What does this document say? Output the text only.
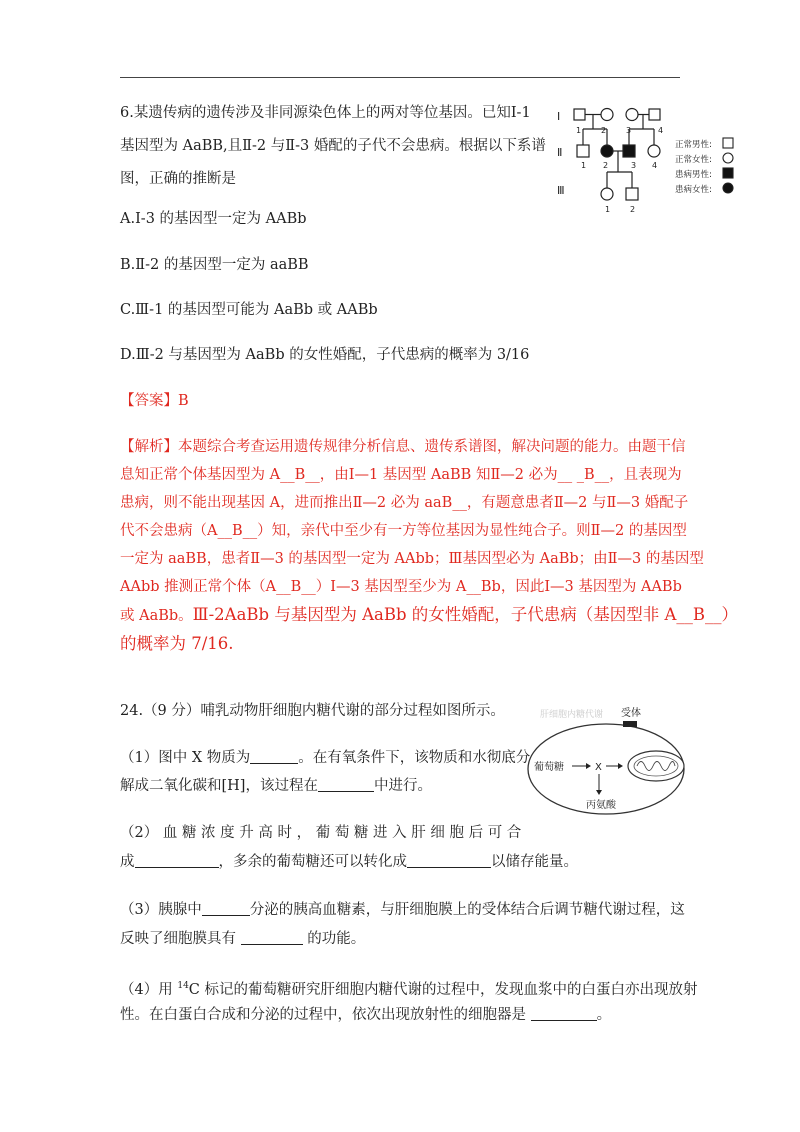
6.某遗传病的遗传涉及非同源染色体上的两对等位基因。已知Ⅰ-1
基因型为 AaBB,且Ⅱ-2 与Ⅱ-3 婚配的子代不会患病。根据以下系谱
图，正确的推断是
Ⅰ
Ⅱ
Ⅲ
1 2 3	4
1 2	3 4
1 2
正常男性:
正常女性:
患病男性:
患病女性:
A.Ⅰ-3 的基因型一定为 AABb
B.Ⅱ-2 的基因型一定为 aaBB
C.Ⅲ-1 的基因型可能为 AaBb 或 AABb
D.Ⅲ-2 与基因型为 AaBb 的女性婚配，子代患病的概率为 3/16
【答案】B
【解析】本题综合考查运用遗传规律分析信息、遗传系谱图，解决问题的能力。由题干信
息知正常个体基因型为 A__B__，由Ⅰ—1 基因型 AaBB 知Ⅱ—2 必为__ _B__，且表现为
患病，则不能出现基因 A，进而推出Ⅱ—2 必为 aaB__，有题意患者Ⅱ—2 与Ⅱ—3 婚配子
代不会患病（A__B__）知，亲代中至少有一方等位基因为显性纯合子。则Ⅱ—2 的基因型
一定为 aaBB，患者Ⅱ—3 的基因型一定为 AAbb；Ⅲ基因型必为 AaBb；由Ⅱ—3 的基因型
AAbb 推测正常个体（A__B__）Ⅰ—3 基因型至少为 A__Bb，因此Ⅰ—3 基因型为 AABb
或 AaBb。Ⅲ-2AaBb 与基因型为 AaBb 的女性婚配，子代患病（基因型非 A__B__）
的概率为 7/16.
24.（9 分）哺乳动物肝细胞内糖代谢的部分过程如图所示。	肝细胞内糖代谢 受体
葡萄糖	X
丙氨酸
（1）图中 X 物质为	。在有氧条件下，该物质和水彻底分
解成二氧化碳和[H]，该过程在	中进行。
（2） 血 糖 浓 度 升 高 时 ， 葡 萄 糖 进 入 肝 细 胞 后 可 合
成	，多余的葡萄糖还可以转化成	以储存能量。
（3）胰腺中	分泌的胰高血糖素，与肝细胞膜上的受体结合后调节糖代谢过程，这
反映了细胞膜具有	的功能。
（4）用 $^{14}$C 标记的葡萄糖研究肝细胞内糖代谢的过程中，发现血浆中的白蛋白亦出现放射
性。在白蛋白合成和分泌的过程中，依次出现放射性的细胞器是	。
